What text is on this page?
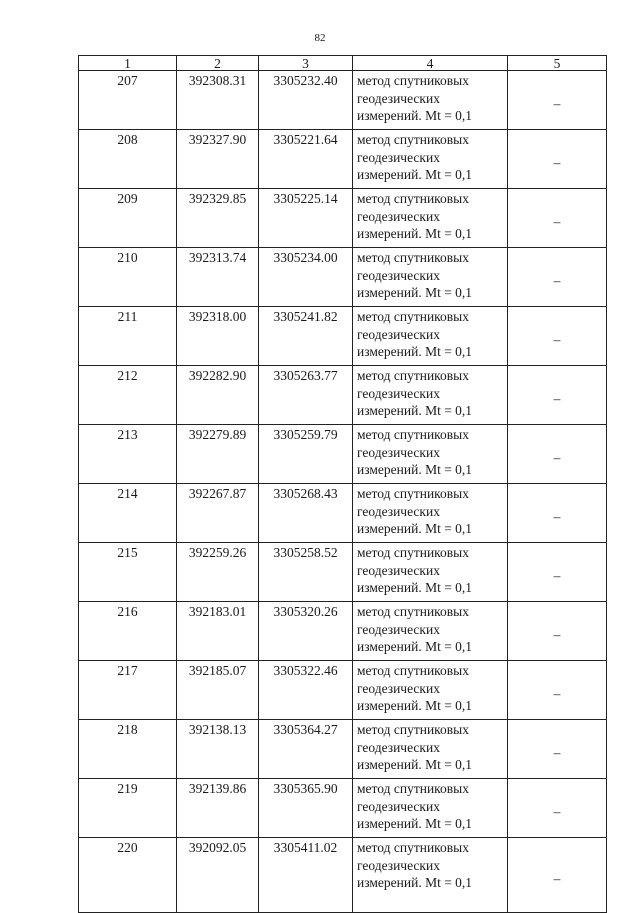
82
1	2	3	4	5
207	392308.31	3305232.40	метод спутниковых
геодезических
измерений. Mt = 0,1	–
208	392327.90	3305221.64	метод спутниковых
геодезических
измерений. Mt = 0,1	–
209	392329.85	3305225.14	метод спутниковых
геодезических
измерений. Mt = 0,1	–
210	392313.74	3305234.00	метод спутниковых
геодезических
измерений. Mt = 0,1	–
211	392318.00	3305241.82	метод спутниковых
геодезических
измерений. Mt = 0,1	–
212	392282.90	3305263.77	метод спутниковых
геодезических
измерений. Mt = 0,1	–
213	392279.89	3305259.79	метод спутниковых
геодезических
измерений. Mt = 0,1	–
214	392267.87	3305268.43	метод спутниковых
геодезических
измерений. Mt = 0,1	–
215	392259.26	3305258.52	метод спутниковых
геодезических
измерений. Mt = 0,1	–
216	392183.01	3305320.26	метод спутниковых
геодезических
измерений. Mt = 0,1	–
217	392185.07	3305322.46	метод спутниковых
геодезических
измерений. Mt = 0,1	–
218	392138.13	3305364.27	метод спутниковых
геодезических
измерений. Mt = 0,1	–
219	392139.86	3305365.90	метод спутниковых
геодезических
измерений. Mt = 0,1	–
220	392092.05	3305411.02	метод спутниковых
геодезических
измерений. Mt = 0,1	–
